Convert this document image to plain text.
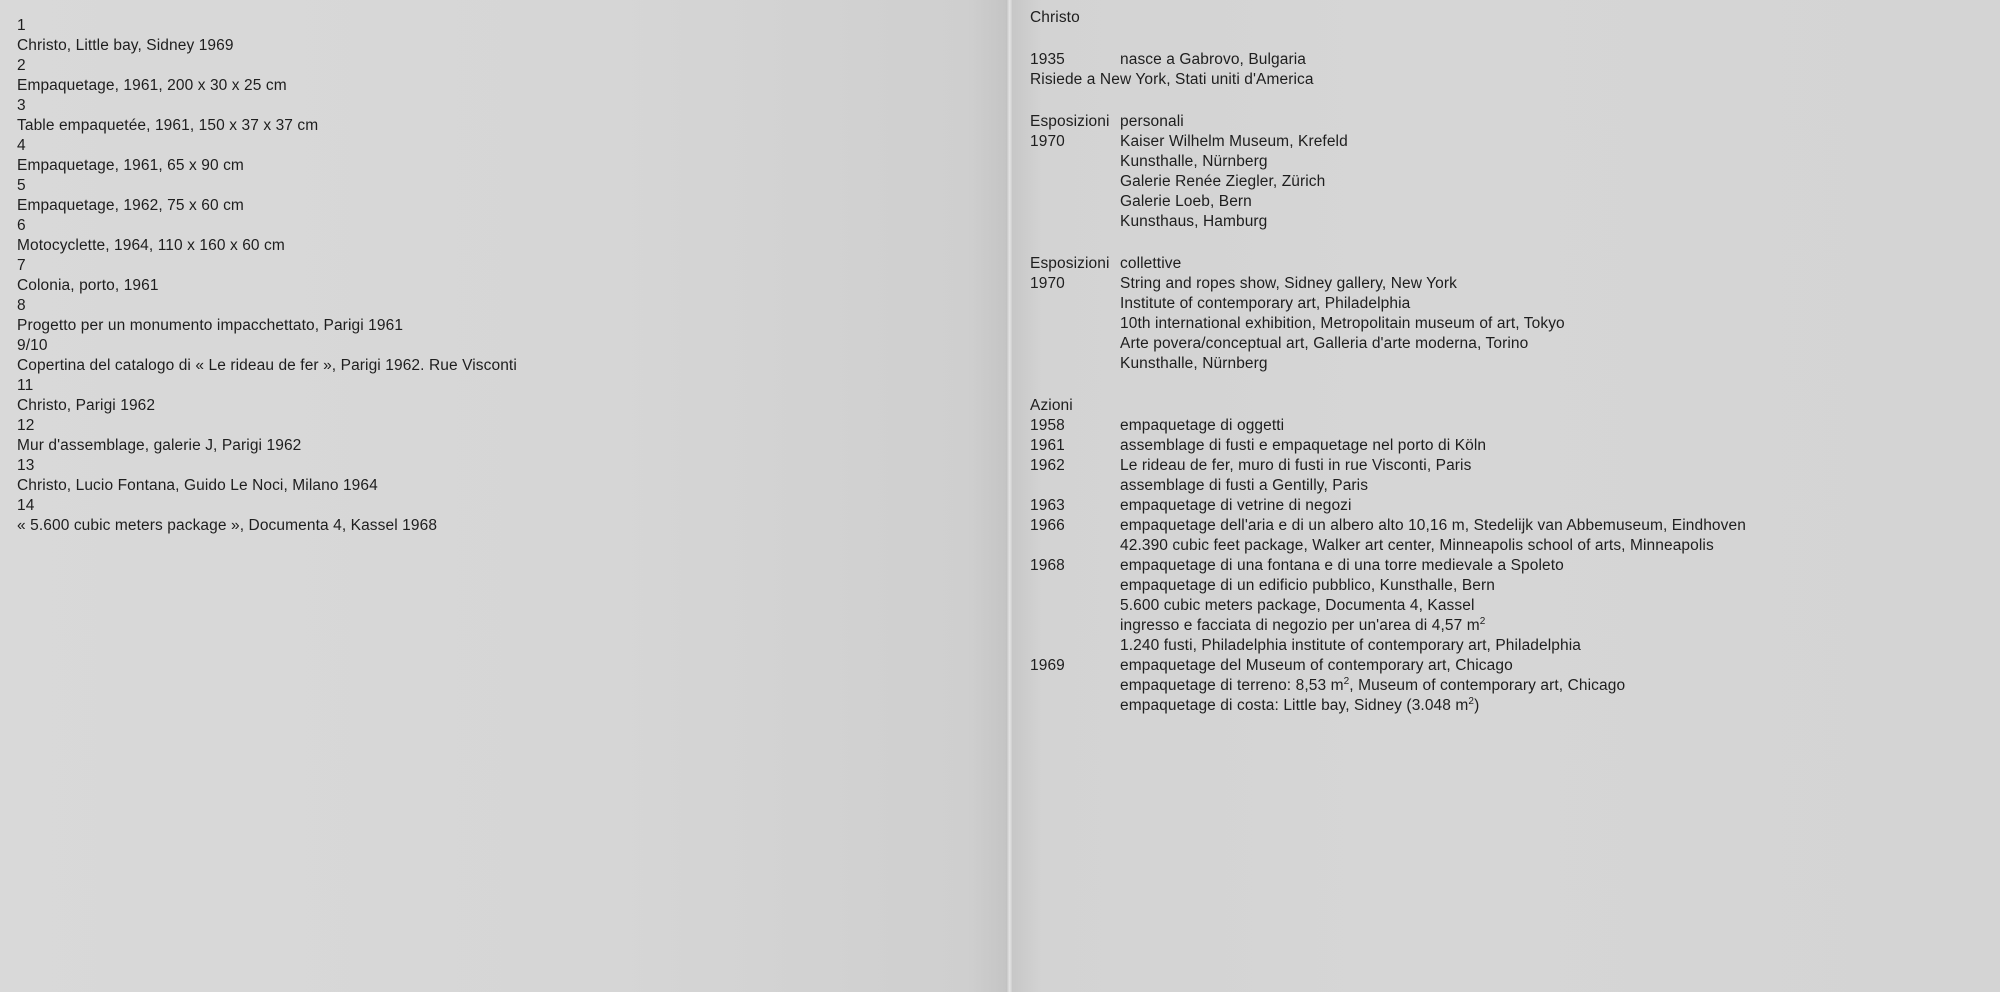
1
Christo, Little bay, Sidney 1969
2
Empaquetage, 1961, 200 x 30 x 25 cm
3
Table empaquetée, 1961, 150 x 37 x 37 cm
4
Empaquetage, 1961, 65 x 90 cm
5
Empaquetage, 1962, 75 x 60 cm
6
Motocyclette, 1964, 110 x 160 x 60 cm
7
Colonia, porto, 1961
8
Progetto per un monumento impacchettato, Parigi 1961
9/10
Copertina del catalogo di « Le rideau de fer », Parigi 1962. Rue Visconti
11
Christo, Parigi 1962
12
Mur d'assemblage, galerie J, Parigi 1962
13
Christo, Lucio Fontana, Guido Le Noci, Milano 1964
14
« 5.600 cubic meters package », Documenta 4, Kassel 1968
Christo
1935	nasce a Gabrovo, Bulgaria
Risiede a New York, Stati uniti d'America
Esposizioni personali
1970	Kaiser Wilhelm Museum, Krefeld
Kunsthalle, Nürnberg
Galerie Renée Ziegler, Zürich
Galerie Loeb, Bern
Kunsthaus, Hamburg
Esposizioni collettive
1970	String and ropes show, Sidney gallery, New York
Institute of contemporary art, Philadelphia
10th international exhibition, Metropolitain museum of art, Tokyo
Arte povera/conceptual art, Galleria d'arte moderna, Torino
Kunsthalle, Nürnberg
Azioni
1958	empaquetage di oggetti
1961	assemblage di fusti e empaquetage nel porto di Köln
1962	Le rideau de fer, muro di fusti in rue Visconti, Paris
assemblage di fusti a Gentilly, Paris
1963	empaquetage di vetrine di negozi
1966	empaquetage dell'aria e di un albero alto 10,16 m, Stedelijk van Abbemuseum, Eindhoven
42.390 cubic feet package, Walker art center, Minneapolis school of arts, Minneapolis
1968	empaquetage di una fontana e di una torre medievale a Spoleto
empaquetage di un edificio pubblico, Kunsthalle, Bern
5.600 cubic meters package, Documenta 4, Kassel
ingresso e facciata di negozio per un'area di 4,57 $m^2$
1.240 fusti, Philadelphia institute of contemporary art, Philadelphia
1969	empaquetage del Museum of contemporary art, Chicago
empaquetage di terreno: 8,53 $m^2$, Museum of contemporary art, Chicago
empaquetage di costa: Little bay, Sidney (3.048 $m^2$)
